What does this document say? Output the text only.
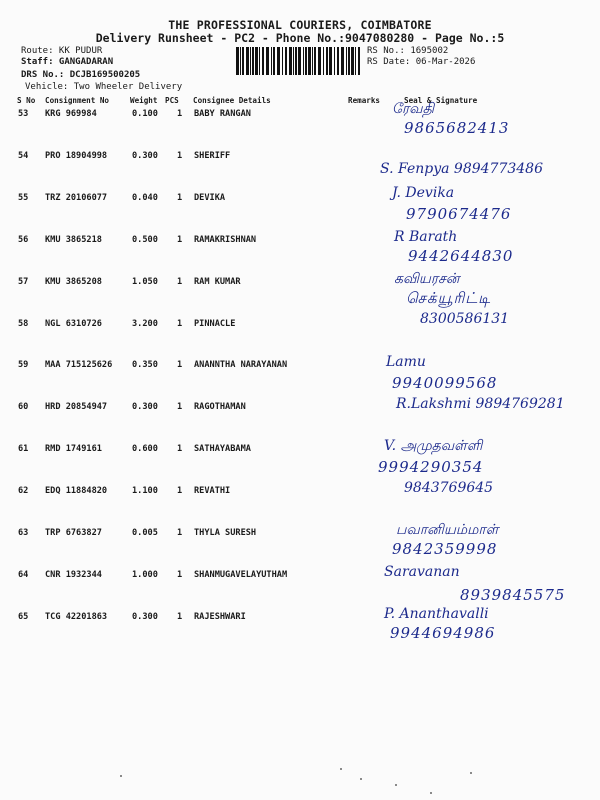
THE PROFESSIONAL COURIERS, COIMBATORE
Delivery Runsheet - PC2 - Phone No.:9047080280 - Page No.:5
Route: KK PUDUR
Staff: GANGADARAN
DRS No.: DCJB169500205
Vehicle: Two Wheeler Delivery
RS No.: 1695002
RS Date: 06-Mar-2026
S No Consignment No	Weight PCS Consignee Details	Remarks	Seal & Signature
53 KRG 969984	0.100 1 BABY RANGAN	ரேவதி
9865682413
54 PRO 18904998	0.300 1 SHERIFF
S. Fenpya 9894773486
55 TRZ 20106077	0.040 1 DEVIKA	J. Devika
9790674476
56 KMU 3865218	0.500 1 RAMAKRISHNAN	R Barath
9442644830
57 KMU 3865208	1.050 1 RAM KUMAR	கவியரசன்
செக்யூரிட்டி
58 NGL 6310726	3.200 1 PINNACLE	8300586131
59 MAA 715125626 0.350 1 ANANNTHA NARAYANAN	Lamu
9940099568
60 HRD 20854947	0.300 1 RAGOTHAMAN	R.Lakshmi 9894769281
61 RMD 1749161	0.600 1 SATHAYABAMA	V. அமுதவள்ளி
9994290354
62 EDQ 11884820	1.100 1 REVATHI	9843769645
63 TRP 6763827	0.005 1 THYLA SURESH	பவானியம்மாள்
9842359998
64 CNR 1932344	1.000 1 SHANMUGAVELAYUTHAM	Saravanan
8939845575
65 TCG 42201863	0.300 1 RAJESHWARI	P. Ananthavalli
9944694986
